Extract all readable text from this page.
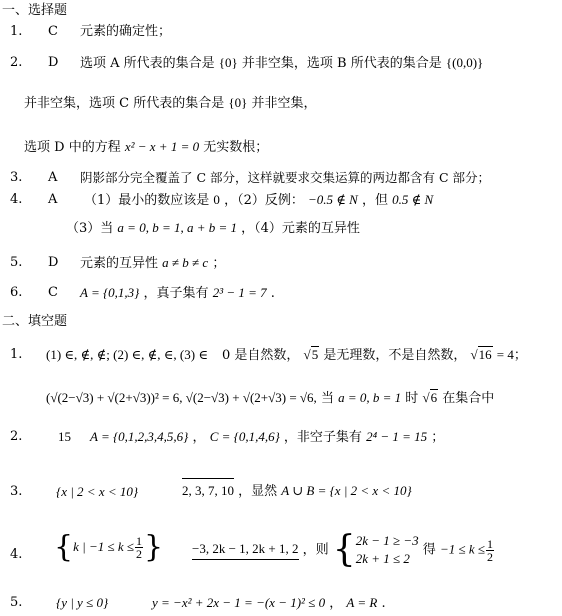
一、选择题
1.	C 元素的确定性；
2.	D 选项 A 所代表的集合是 {0} 并非空集，选项 B 所代表的集合是 {(0,0)}
并非空集，选项 C 所代表的集合是 {0} 并非空集，
选项 D 中的方程 x² − x + 1 = 0 无实数根；
3.	A 阴影部分完全覆盖了 C 部分，这样就要求交集运算的两边都含有 C 部分；
4.	A （1）最小的数应该是 0 ，（2）反例： −0.5 ∉ N ，但 0.5 ∉ N
（3）当 a = 0, b = 1, a + b = 1 ，（4）元素的互异性
5.	D 元素的互异性 a ≠ b ≠ c ；
6.	C A = {0,1,3} ，真子集有 2³ − 1 = 7 .
二、填空题
1.	(1) ∈, ∉, ∉; (2) ∈, ∉, ∈, (3) ∈ 0 是自然数， √5 是无理数，不是自然数， √16 = 4；
(√(2−√3) + √(2+√3))² = 6, √(2−√3) + √(2+√3) = √6, 当 a = 0, b = 1 时 √6 在集合中
2.	15 A = {0,1,2,3,4,5,6} ， C = {0,1,4,6} ，非空子集有 2⁴ − 1 = 15 ；
3.	{x | 2 < x < 10}	2, 3, 7, 10 ，显然 A ∪ B = {x | 2 < x < 10}
4. {k | $-1 \le k \le \frac{1}{2}$ } −3, 2k − 1, 2k + 1, 2 ，则 { 2k − 1 ≥ −3
2k + 1 ≤ 2
得 $-1 \le k \le \frac{1}{2}$
5.	{y | y ≤ 0}	y = −x² + 2x − 1 = −(x − 1)² ≤ 0 ， A = R .
